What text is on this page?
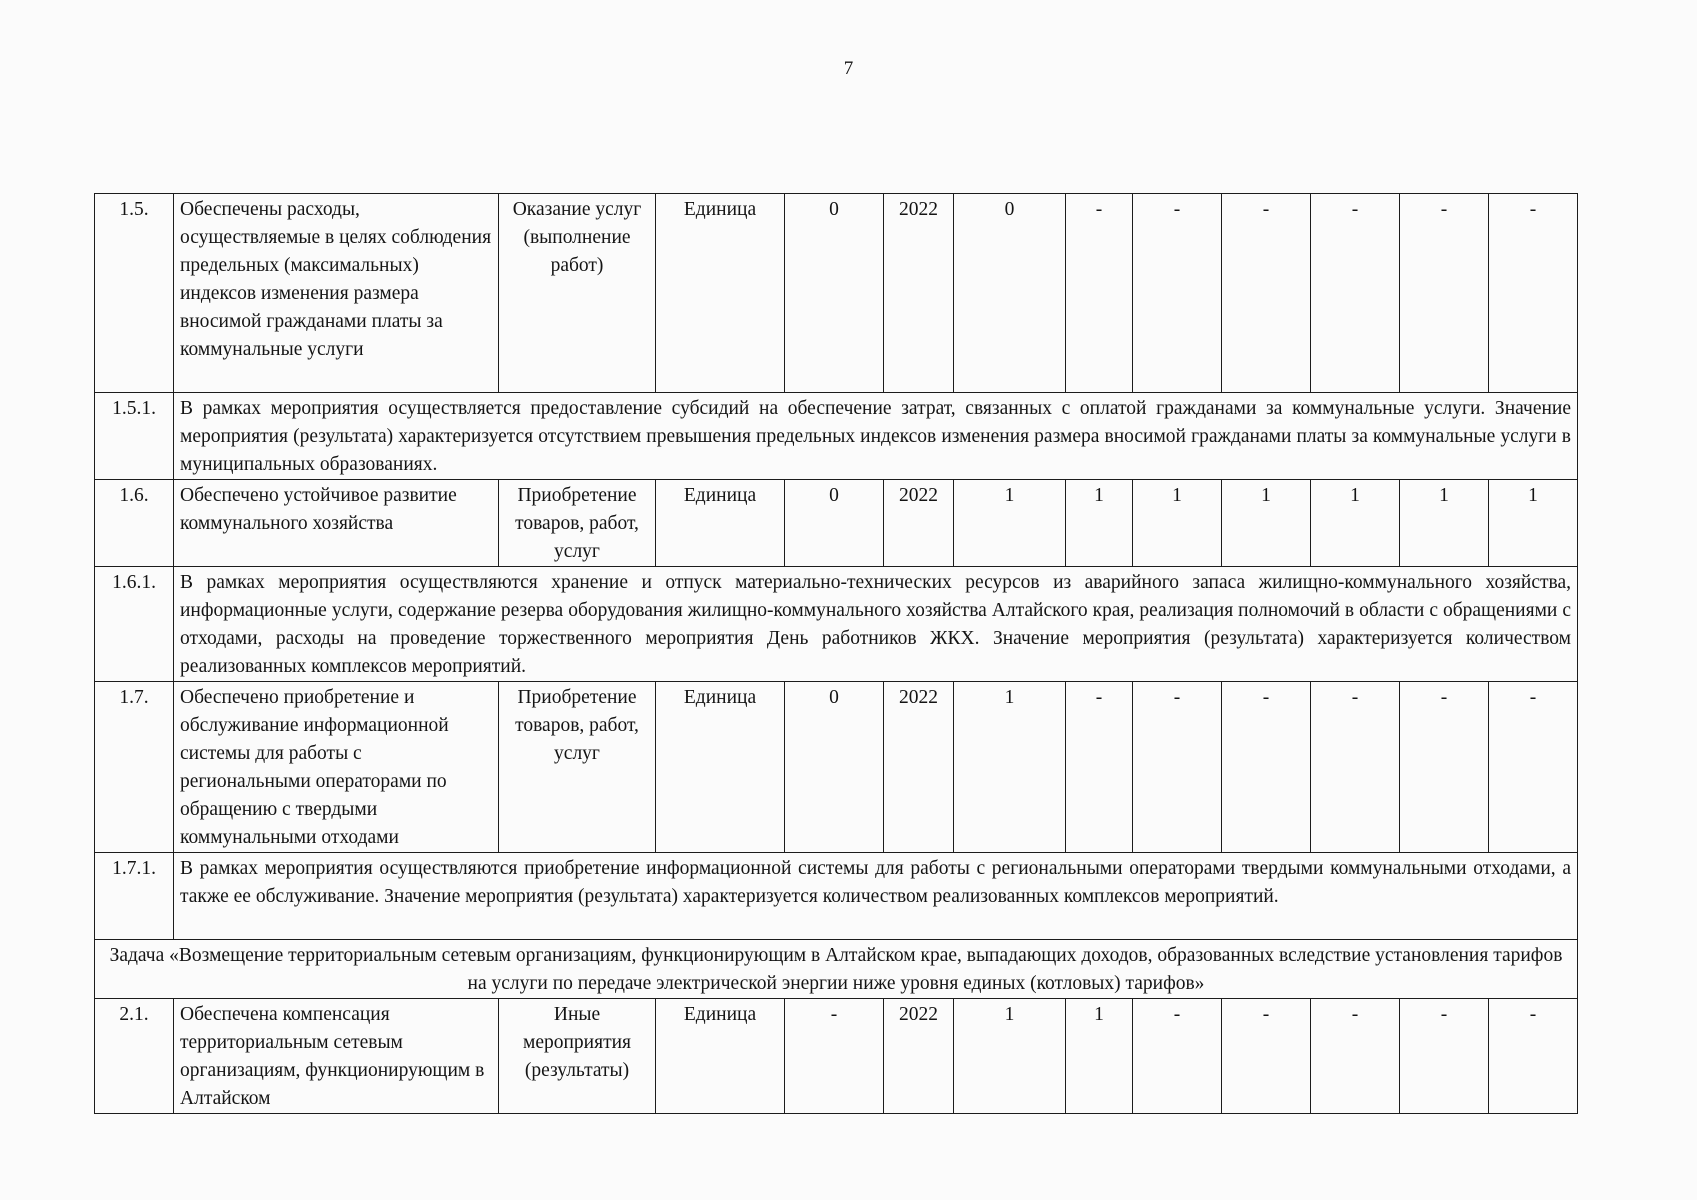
7
1.5.	Обеспечены расходы, осуществляемые в целях соблюдения предельных (максимальных) индексов изменения размера вносимой гражданами платы за коммунальные услуги	Оказание услуг (выполнение работ)	Единица	0	2022	0	-	-	-	-	-	-
1.5.1.	В рамках мероприятия осуществляется предоставление субсидий на обеспечение затрат, связанных с оплатой гражданами за коммунальные услуги. Значение мероприятия (результата) характеризуется отсутствием превышения предельных индексов изменения размера вносимой гражданами платы за коммунальные услуги в муниципальных образованиях.											
1.6.	Обеспечено устойчивое развитие коммунального хозяйства	Приобретение товаров, работ, услуг	Единица	0	2022	1	1	1	1	1	1	1
1.6.1.	В рамках мероприятия осуществляются хранение и отпуск материально-технических ресурсов из аварийного запаса жилищно-коммунального хозяйства, информационные услуги, содержание резерва оборудования жилищно-коммунального хозяйства Алтайского края, реализация полномочий в области с обращениями с отходами, расходы на проведение торжественного мероприятия День работников ЖКХ. Значение мероприятия (результата) характеризуется количеством реализованных комплексов мероприятий.											
1.7.	Обеспечено приобретение и обслуживание информационной системы для работы с региональными операторами по обращению с твердыми коммунальными отходами	Приобретение товаров, работ, услуг	Единица	0	2022	1	-	-	-	-	-	-
1.7.1.	В рамках мероприятия осуществляются приобретение информационной системы для работы с региональными операторами твердыми коммунальными отходами, а также ее обслуживание. Значение мероприятия (результата) характеризуется количеством реализованных комплексов мероприятий.											
Задача «Возмещение территориальным сетевым организациям, функционирующим в Алтайском крае, выпадающих доходов, образованных вследствие установления тарифов на услуги по передаче электрической энергии ниже уровня единых (котловых) тарифов»												
2.1.	Обеспечена компенсация территориальным сетевым организациям, функционирующим в Алтайском	Иные мероприятия (результаты)	Единица	-	2022	1	1	-	-	-	-	-
